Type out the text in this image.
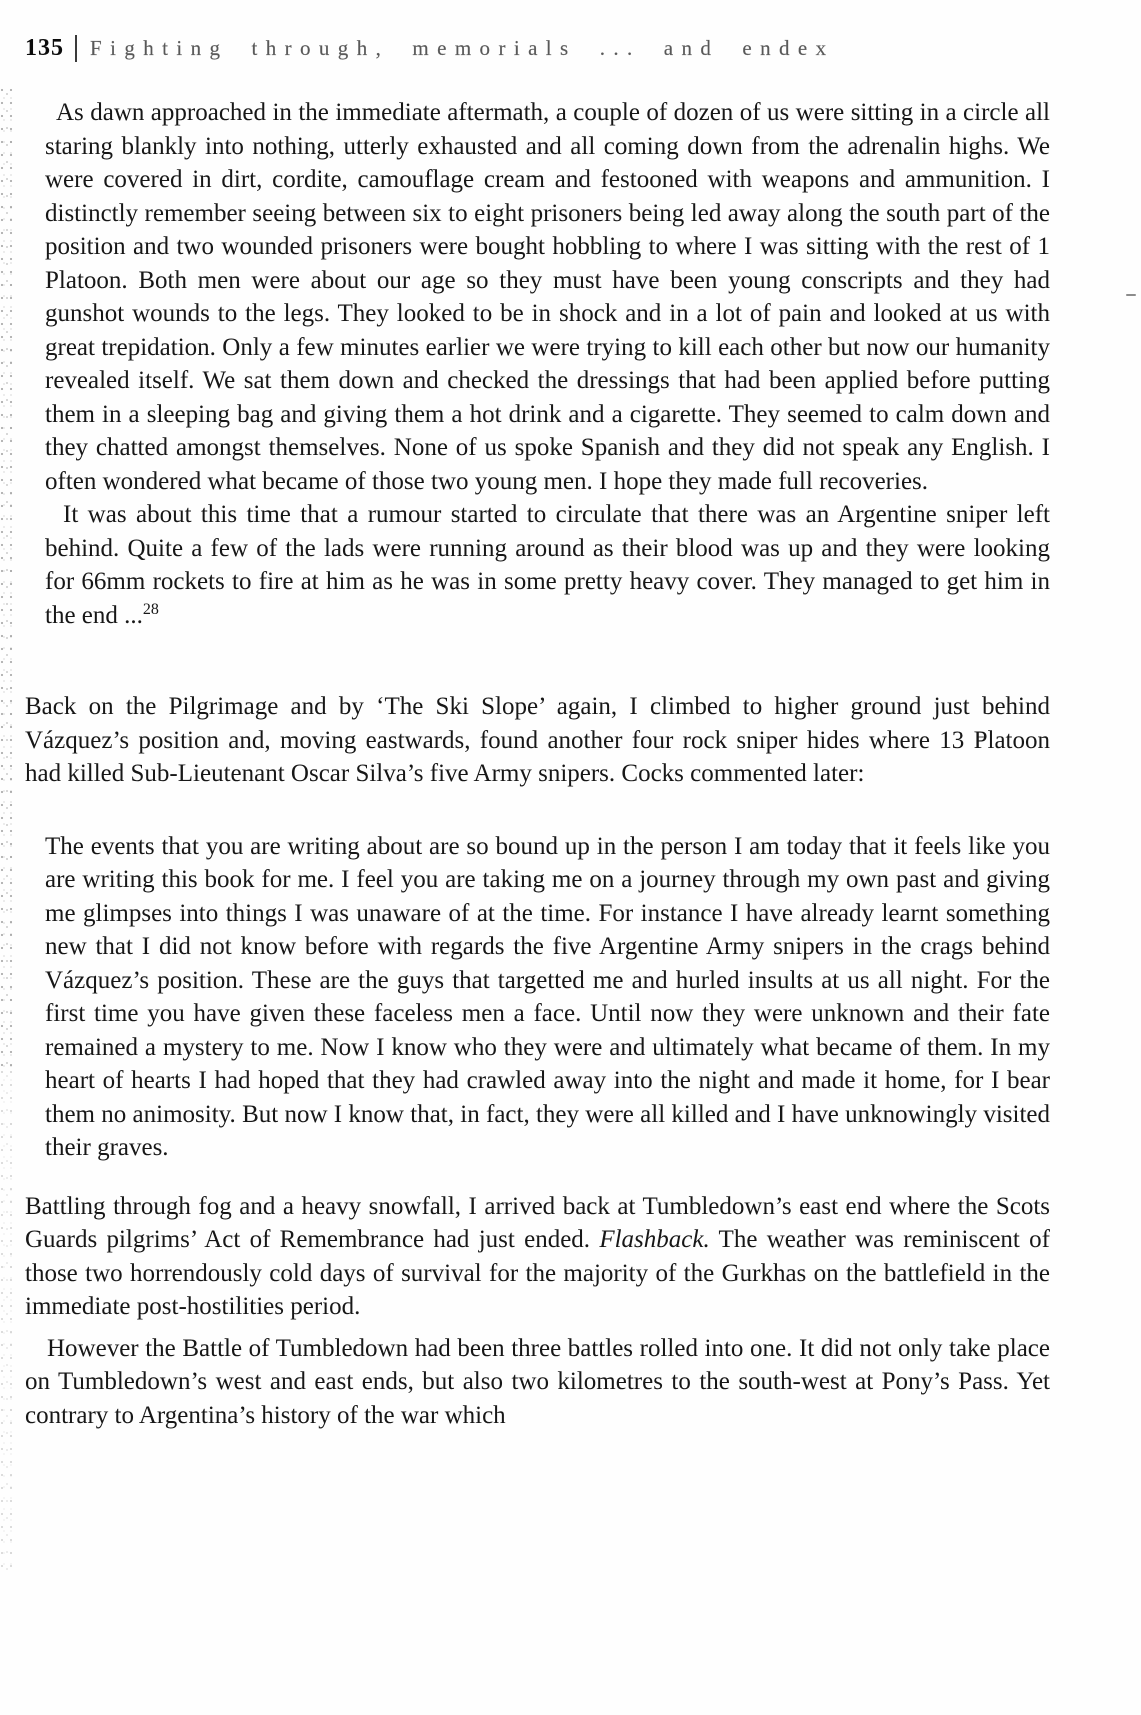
135 Fighting through, memorials ... and endex

As dawn approached in the immediate aftermath, a couple of dozen of us were sitting in a circle all staring blankly into nothing, utterly exhausted and all coming down from the adrenalin highs. We were covered in dirt, cordite, camouflage cream and festooned with weapons and ammunition. I distinctly remember seeing between six to eight prisoners being led away along the south part of the position and two wounded prisoners were bought hobbling to where I was sitting with the rest of 1 Platoon. Both men were about our age so they must have been young conscripts and they had gunshot wounds to the legs. They looked to be in shock and in a lot of pain and looked at us with great trepidation. Only a few minutes earlier we were trying to kill each other but now our humanity revealed itself. We sat them down and checked the dressings that had been applied before putting them in a sleeping bag and giving them a hot drink and a cigarette. They seemed to calm down and they chatted amongst themselves. None of us spoke Spanish and they did not speak any English. I often wondered what became of those two young men. I hope they made full recoveries.

It was about this time that a rumour started to circulate that there was an Argentine sniper left behind. Quite a few of the lads were running around as their blood was up and they were looking for 66mm rockets to fire at him as he was in some pretty heavy cover. They managed to get him in the end ...$^{28}$

Back on the Pilgrimage and by ‘The Ski Slope’ again, I climbed to higher ground just behind Vázquez’s position and, moving eastwards, found another four rock sniper hides where 13 Platoon had killed Sub-Lieutenant Oscar Silva’s five Army snipers. Cocks commented later:

The events that you are writing about are so bound up in the person I am today that it feels like you are writing this book for me. I feel you are taking me on a journey through my own past and giving me glimpses into things I was unaware of at the time. For instance I have already learnt something new that I did not know before with regards the five Argentine Army snipers in the crags behind Vázquez’s position. These are the guys that targetted me and hurled insults at us all night. For the first time you have given these faceless men a face. Until now they were unknown and their fate remained a mystery to me. Now I know who they were and ultimately what became of them. In my heart of hearts I had hoped that they had crawled away into the night and made it home, for I bear them no animosity. But now I know that, in fact, they were all killed and I have unknowingly visited their graves.

Battling through fog and a heavy snowfall, I arrived back at Tumbledown’s east end where the Scots Guards pilgrims’ Act of Remembrance had just ended. Flashback. The weather was reminiscent of those two horrendously cold days of survival for the majority of the Gurkhas on the battlefield in the immediate post-hostilities period.

However the Battle of Tumbledown had been three battles rolled into one. It did not only take place on Tumbledown’s west and east ends, but also two kilometres to the south-west at Pony’s Pass. Yet contrary to Argentina’s history of the war which
